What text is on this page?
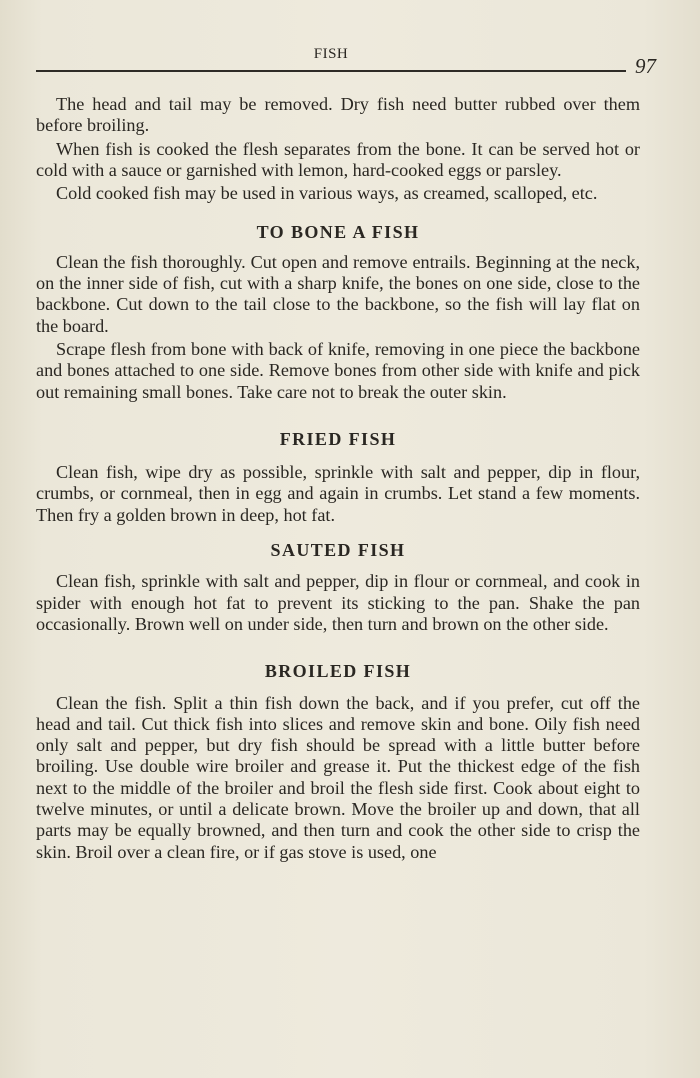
FISH	97

The head and tail may be removed. Dry fish need butter rubbed over them before broiling.

When fish is cooked the flesh separates from the bone. It can be served hot or cold with a sauce or garnished with lemon, hard-cooked eggs or parsley.

Cold cooked fish may be used in various ways, as creamed, scalloped, etc.

TO BONE A FISH

Clean the fish thoroughly. Cut open and remove entrails. Beginning at the neck, on the inner side of fish, cut with a sharp knife, the bones on one side, close to the backbone. Cut down to the tail close to the backbone, so the fish will lay flat on the board.

Scrape flesh from bone with back of knife, removing in one piece the backbone and bones attached to one side. Remove bones from other side with knife and pick out remaining small bones. Take care not to break the outer skin.

FRIED FISH

Clean fish, wipe dry as possible, sprinkle with salt and pepper, dip in flour, crumbs, or cornmeal, then in egg and again in crumbs. Let stand a few moments. Then fry a golden brown in deep, hot fat.

SAUTED FISH

Clean fish, sprinkle with salt and pepper, dip in flour or cornmeal, and cook in spider with enough hot fat to prevent its sticking to the pan. Shake the pan occasionally. Brown well on under side, then turn and brown on the other side.

BROILED FISH

Clean the fish. Split a thin fish down the back, and if you prefer, cut off the head and tail. Cut thick fish into slices and remove skin and bone. Oily fish need only salt and pepper, but dry fish should be spread with a little butter before broiling. Use double wire broiler and grease it. Put the thickest edge of the fish next to the middle of the broiler and broil the flesh side first. Cook about eight to twelve minutes, or until a delicate brown. Move the broiler up and down, that all parts may be equally browned, and then turn and cook the other side to crisp the skin. Broil over a clean fire, or if gas stove is used, one
